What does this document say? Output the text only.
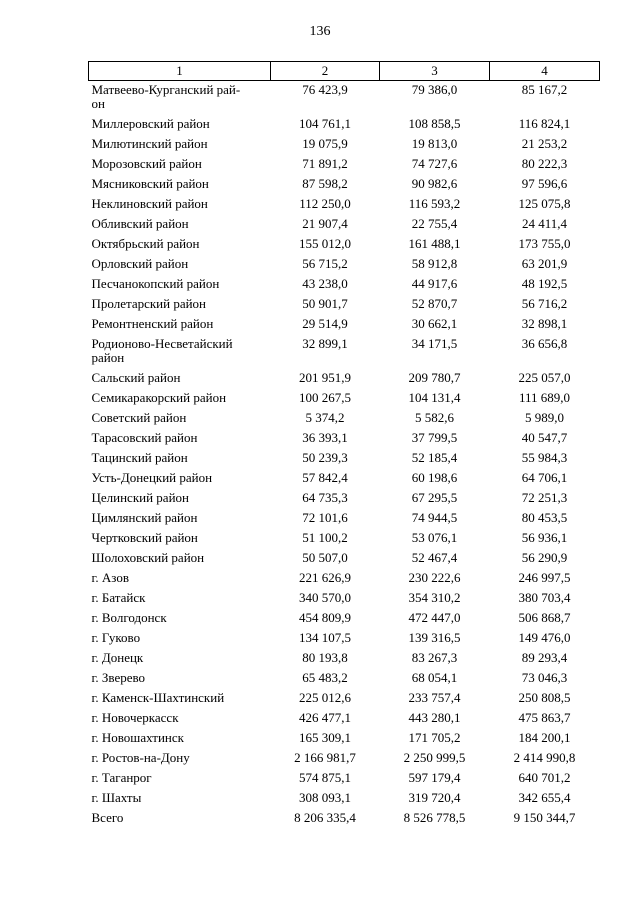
136
1	2	3	4
Матвеево-Курганский рай-
он	76 423,9	79 386,0	85 167,2
Миллеровский район	104 761,1	108 858,5	116 824,1
Милютинский район	19 075,9	19 813,0	21 253,2
Морозовский район	71 891,2	74 727,6	80 222,3
Мясниковский район	87 598,2	90 982,6	97 596,6
Неклиновский район	112 250,0	116 593,2	125 075,8
Обливский район	21 907,4	22 755,4	24 411,4
Октябрьский район	155 012,0	161 488,1	173 755,0
Орловский район	56 715,2	58 912,8	63 201,9
Песчанокопский район	43 238,0	44 917,6	48 192,5
Пролетарский район	50 901,7	52 870,7	56 716,2
Ремонтненский район	29 514,9	30 662,1	32 898,1
Родионово-Несветайский
район	32 899,1	34 171,5	36 656,8
Сальский район	201 951,9	209 780,7	225 057,0
Семикаракорский район	100 267,5	104 131,4	111 689,0
Советский район	5 374,2	5 582,6	5 989,0
Тарасовский район	36 393,1	37 799,5	40 547,7
Тацинский район	50 239,3	52 185,4	55 984,3
Усть-Донецкий район	57 842,4	60 198,6	64 706,1
Целинский район	64 735,3	67 295,5	72 251,3
Цимлянский район	72 101,6	74 944,5	80 453,5
Чертковский район	51 100,2	53 076,1	56 936,1
Шолоховский район	50 507,0	52 467,4	56 290,9
г. Азов	221 626,9	230 222,6	246 997,5
г. Батайск	340 570,0	354 310,2	380 703,4
г. Волгодонск	454 809,9	472 447,0	506 868,7
г. Гуково	134 107,5	139 316,5	149 476,0
г. Донецк	80 193,8	83 267,3	89 293,4
г. Зверево	65 483,2	68 054,1	73 046,3
г. Каменск-Шахтинский	225 012,6	233 757,4	250 808,5
г. Новочеркасск	426 477,1	443 280,1	475 863,7
г. Новошахтинск	165 309,1	171 705,2	184 200,1
г. Ростов-на-Дону	2 166 981,7	2 250 999,5	2 414 990,8
г. Таганрог	574 875,1	597 179,4	640 701,2
г. Шахты	308 093,1	319 720,4	342 655,4
Всего	8 206 335,4	8 526 778,5	9 150 344,7
